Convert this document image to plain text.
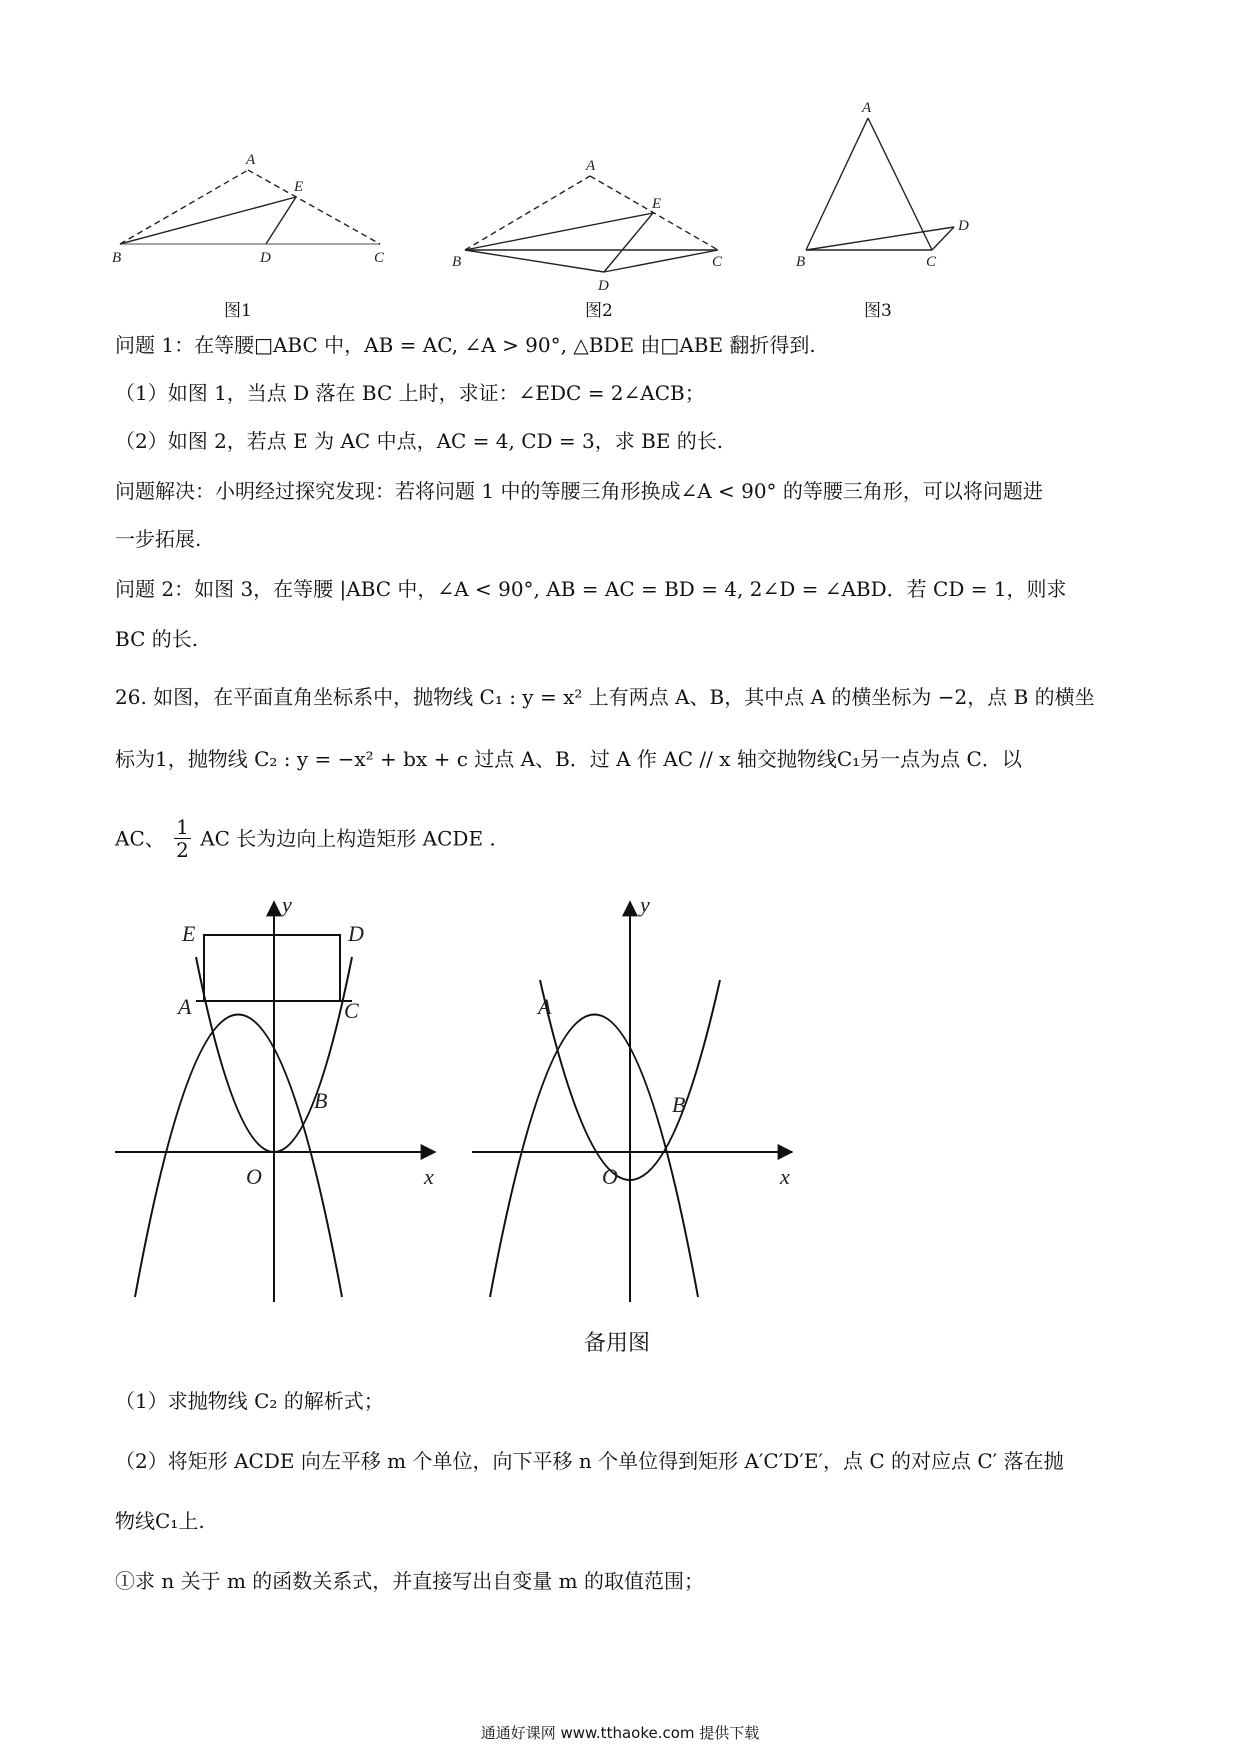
A
E
B	D	C
A
E
B
D
C
A
D
B	C
图1	图2	图3
问题 1：在等腰□ABC 中，AB = AC, ∠A > 90°, △BDE 由□ABE 翻折得到.
（1）如图 1，当点 D 落在 BC 上时，求证：∠EDC = 2∠ACB；
（2）如图 2，若点 E 为 AC 中点，AC = 4, CD = 3，求 BE 的长.
问题解决：小明经过探究发现：若将问题 1 中的等腰三角形换成∠A < 90° 的等腰三角形，可以将问题进
一步拓展.
问题 2：如图 3，在等腰 |ABC 中，∠A < 90°, AB = AC = BD = 4, 2∠D = ∠ABD．若 CD = 1，则求
BC 的长.
26. 如图，在平面直角坐标系中，抛物线 C₁ : y = x² 上有两点 A、B，其中点 A 的横坐标为 −2，点 B 的横坐
标为1，抛物线 C₂ : y = −x² + bx + c 过点 A、B．过 A 作 AC // x 轴交抛物线C₁另一点为点 C．以
AC、 $\frac{1}{2}$ AC 长为边向上构造矩形 ACDE .
E	D
y
A	C
B
O	x
A
y
B
O	x
备用图
（1）求抛物线 C₂ 的解析式；
（2）将矩形 ACDE 向左平移 m 个单位，向下平移 n 个单位得到矩形 A′C′D′E′，点 C 的对应点 C′ 落在抛
物线C₁上.
①求 n 关于 m 的函数关系式，并直接写出自变量 m 的取值范围；
通通好课网 www.tthaoke.com 提供下载
